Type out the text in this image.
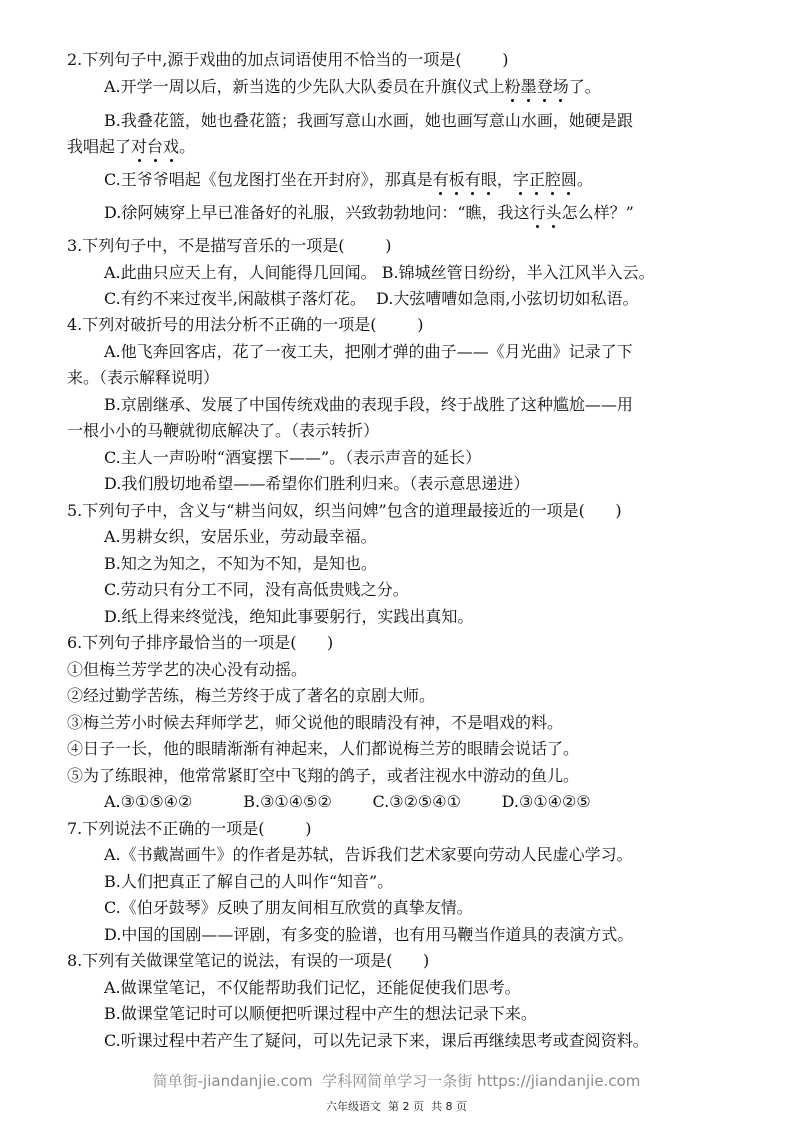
2.下列句子中,源于戏曲的加点词语使用不恰当的一项是(        )
A.开学一周以后，新当选的少先队大队委员在升旗仪式上粉墨登场了。
B.我叠花篮，她也叠花篮；我画写意山水画，她也画写意山水画，她硬是跟
我唱起了对台戏。
C.王爷爷唱起《包龙图打坐在开封府》，那真是有板有眼，字正腔圆。
D.徐阿姨穿上早已准备好的礼服，兴致勃勃地问：“瞧，我这行头怎么样？”
3.下列句子中，不是描写音乐的一项是(        )
A.此曲只应天上有，人间能得几回闻。 B.锦城丝管日纷纷，半入江风半入云。
C.有约不来过夜半,闲敲棋子落灯花。  D.大弦嘈嘈如急雨,小弦切切如私语。
4.下列对破折号的用法分析不正确的一项是(        )
A.他飞奔回客店，花了一夜工夫，把刚才弹的曲子——《月光曲》记录了下
来。（表示解释说明）
B.京剧继承、发展了中国传统戏曲的表现手段，终于战胜了这种尴尬——用
一根小小的马鞭就彻底解决了。（表示转折）
C.主人一声吩咐“酒宴摆下——”。（表示声音的延长）
D.我们殷切地希望——希望你们胜利归来。（表示意思递进）
5.下列句子中，含义与“耕当问奴，织当问婢”包含的道理最接近的一项是(      )
A.男耕女织，安居乐业，劳动最幸福。
B.知之为知之，不知为不知，是知也。
C.劳动只有分工不同，没有高低贵贱之分。
D.纸上得来终觉浅，绝知此事要躬行，实践出真知。
6.下列句子排序最恰当的一项是(      )
①但梅兰芳学艺的决心没有动摇。
②经过勤学苦练，梅兰芳终于成了著名的京剧大师。
③梅兰芳小时候去拜师学艺，师父说他的眼睛没有神，不是唱戏的料。
④日子一长，他的眼睛渐渐有神起来，人们都说梅兰芳的眼睛会说话了。
⑤为了练眼神，他常常紧盯空中飞翔的鸽子，或者注视水中游动的鱼儿。
A.③①⑤④②          B.③①④⑤②        C.③②⑤④①        D.③①④②⑤
7.下列说法不正确的一项是(        )
A.《书戴嵩画牛》的作者是苏轼，告诉我们艺术家要向劳动人民虚心学习。
B.人们把真正了解自己的人叫作“知音”。
C.《伯牙鼓琴》反映了朋友间相互欣赏的真挚友情。
D.中国的国剧——评剧，有多变的脸谱，也有用马鞭当作道具的表演方式。
8.下列有关做课堂笔记的说法，有误的一项是(      )
A.做课堂笔记，不仅能帮助我们记忆，还能促使我们思考。
B.做课堂笔记时可以顺便把听课过程中产生的想法记录下来。
C.听课过程中若产生了疑问，可以先记录下来，课后再继续思考或查阅资料。
简单街-jiandanjie.com  学科网简单学习一条街 https://jiandanjie.com
六年级语文  第 2 页  共 8 页
